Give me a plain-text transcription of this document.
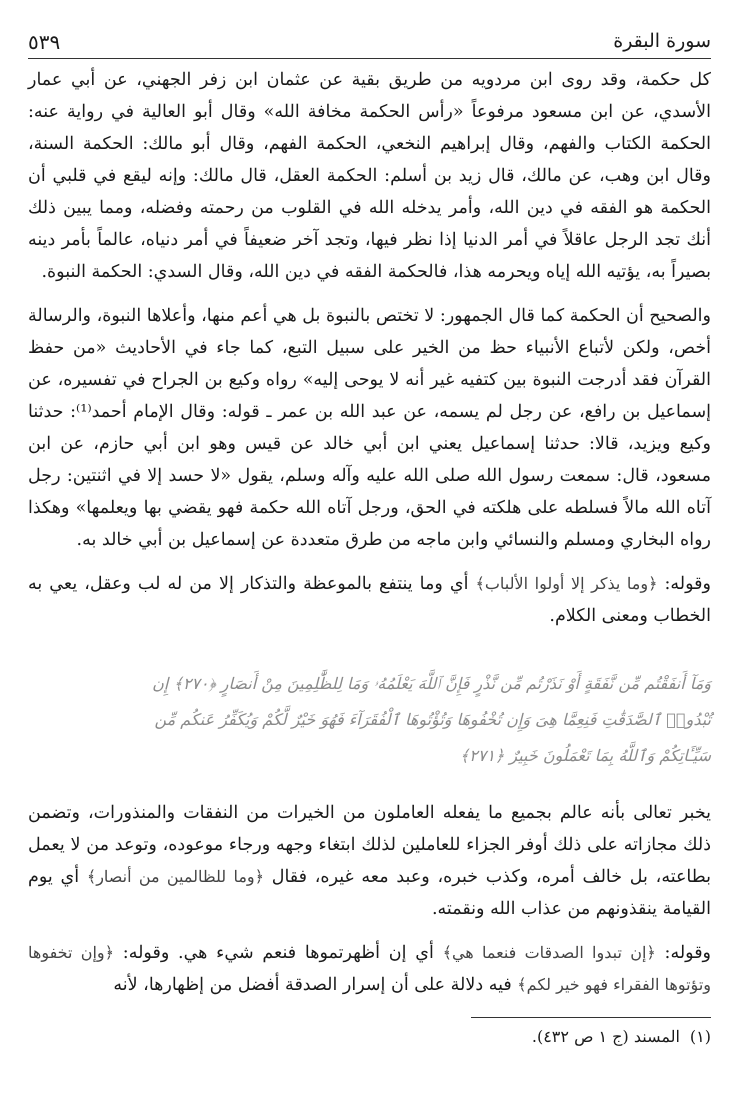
سورة البقرة
٥٣٩

كل حكمة، وقد روى ابن مردويه من طريق بقية عن عثمان ابن زفر الجهني، عن أبي عمار الأسدي، عن ابن مسعود مرفوعاً «رأس الحكمة مخافة الله» وقال أبو العالية في رواية عنه: الحكمة الكتاب والفهم، وقال إبراهيم النخعي، الحكمة الفهم، وقال أبو مالك: الحكمة السنة، وقال ابن وهب، عن مالك، قال زيد بن أسلم: الحكمة العقل، قال مالك: وإنه ليقع في قلبي أن الحكمة هو الفقه في دين الله، وأمر يدخله الله في القلوب من رحمته وفضله، ومما يبين ذلك أنك تجد الرجل عاقلاً في أمر الدنيا إذا نظر فيها، وتجد آخر ضعيفاً في أمر دنياه، عالماً بأمر دينه بصيراً به، يؤتيه الله إياه ويحرمه هذا، فالحكمة الفقه في دين الله، وقال السدي: الحكمة النبوة.

والصحيح أن الحكمة كما قال الجمهور: لا تختص بالنبوة بل هي أعم منها، وأعلاها النبوة، والرسالة أخص، ولكن لأتباع الأنبياء حظ من الخير على سبيل التبع، كما جاء في الأحاديث «من حفظ القرآن فقد أدرجت النبوة بين كتفيه غير أنه لا يوحى إليه» رواه وكيع بن الجراح في تفسيره، عن إسماعيل بن رافع، عن رجل لم يسمه، عن عبد الله بن عمر ـ قوله: وقال الإمام أحمد⁽¹⁾: حدثنا وكيع ويزيد، قالا: حدثنا إسماعيل يعني ابن أبي خالد عن قيس وهو ابن أبي حازم، عن ابن مسعود، قال: سمعت رسول الله صلى الله عليه وآله وسلم، يقول «لا حسد إلا في اثنتين: رجل آتاه الله مالاً فسلطه على هلكته في الحق، ورجل آتاه الله حكمة فهو يقضي بها ويعلمها» وهكذا رواه البخاري ومسلم والنسائي وابن ماجه من طرق متعددة عن إسماعيل بن أبي خالد به.

وقوله: ﴿وما يذكر إلا أولوا الألباب﴾ أي وما ينتفع بالموعظة والتذكار إلا من له لب وعقل، يعي به الخطاب ومعنى الكلام.

وَمَآ أَنفَقْتُم مِّن نَّفَقَةٍ أَوْ نَذَرْتُم مِّن نَّذْرٍ فَإِنَّ ٱللَّهَ يَعْلَمُهُۥ وَمَا لِلظَّٰلِمِينَ مِنْ أَنصَارٍ ﴿٢٧٠﴾ إِن
تُبْدُوا۟ ٱلصَّدَقَٰتِ فَنِعِمَّا هِىَ وَإِن تُخْفُوهَا وَتُؤْتُوهَا ٱلْفُقَرَآءَ فَهُوَ خَيْرٌ لَّكُمْ وَيُكَفِّرُ عَنكُم مِّن
سَيِّـَٔاتِكُمْ وَٱللَّهُ بِمَا تَعْمَلُونَ خَبِيرٌ ﴿٢٧١﴾

يخبر تعالى بأنه عالم بجميع ما يفعله العاملون من الخيرات من النفقات والمنذورات، وتضمن ذلك مجازاته على ذلك أوفر الجزاء للعاملين لذلك ابتغاء وجهه ورجاء موعوده، وتوعد من لا يعمل بطاعته، بل خالف أمره، وكذب خبره، وعبد معه غيره، فقال ﴿وما للظالمين من أنصار﴾ أي يوم القيامة ينقذونهم من عذاب الله ونقمته.

وقوله: ﴿إن تبدوا الصدقات فنعما هي﴾ أي إن أظهرتموها فنعم شيء هي. وقوله: ﴿وإن تخفوها وتؤتوها الفقراء فهو خير لكم﴾ فيه دلالة على أن إسرار الصدقة أفضل من إظهارها، لأنه

(١)المسند (ج ١ ص ٤٣٢).
